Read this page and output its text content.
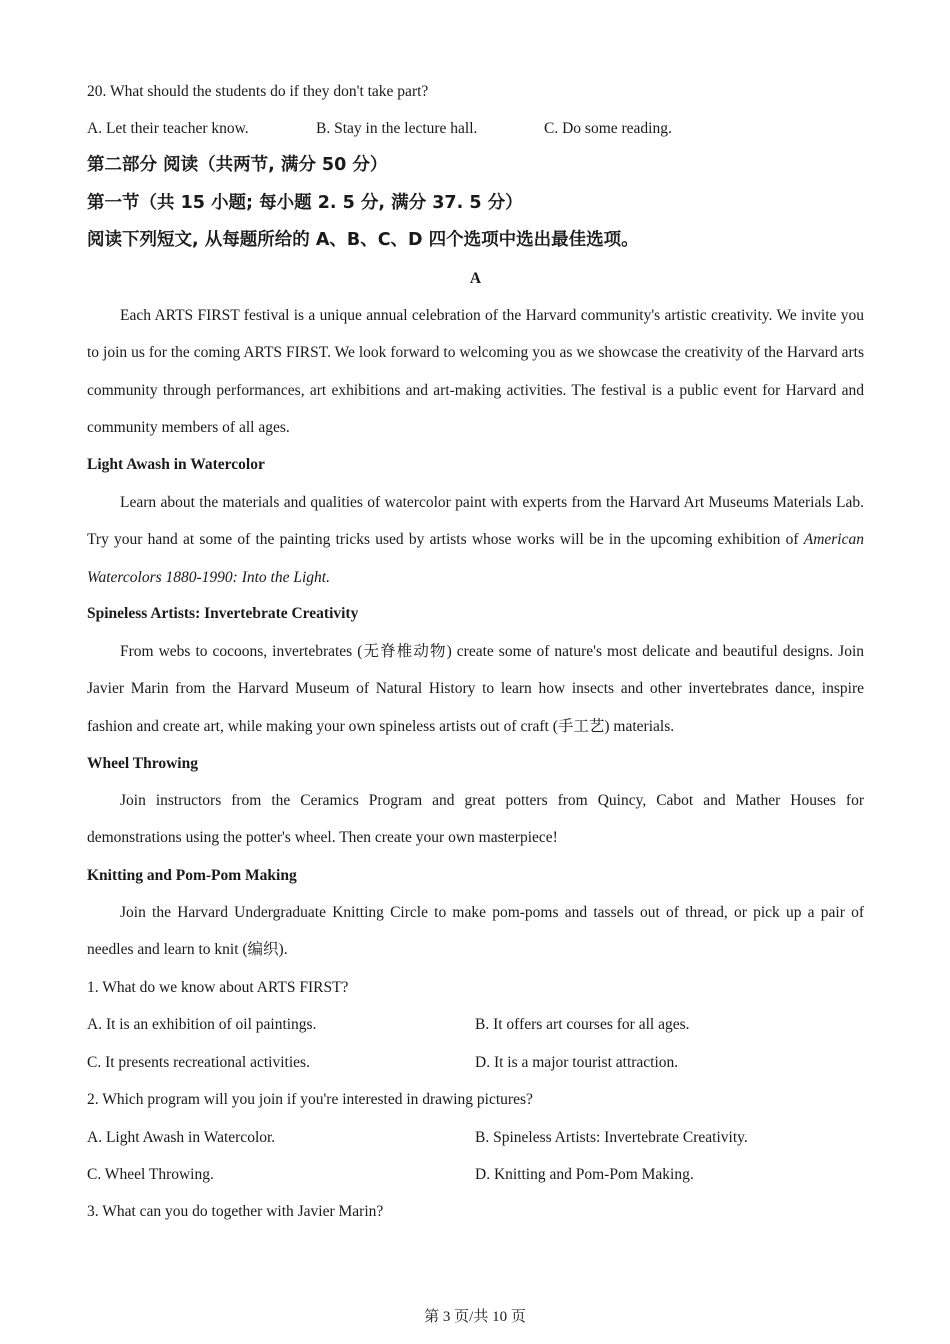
20. What should the students do if they don't take part?
A. Let their teacher know.	B. Stay in the lecture hall.	C. Do some reading.
第二部分 阅读（共两节, 满分 50 分）
第一节（共 15 小题; 每小题 2. 5 分, 满分 37. 5 分）
阅读下列短文, 从每题所给的 A、B、C、D 四个选项中选出最佳选项。
A
Each ARTS FIRST festival is a unique annual celebration of the Harvard community's artistic creativity. We invite you to join us for the coming ARTS FIRST. We look forward to welcoming you as we showcase the creativity of the Harvard arts community through performances, art exhibitions and art-making activities. The festival is a public event for Harvard and community members of all ages.
Light Awash in Watercolor
Learn about the materials and qualities of watercolor paint with experts from the Harvard Art Museums Materials Lab. Try your hand at some of the painting tricks used by artists whose works will be in the upcoming exhibition of American Watercolors 1880-1990: Into the Light.
Spineless Artists: Invertebrate Creativity
From webs to cocoons, invertebrates (无脊椎动物) create some of nature's most delicate and beautiful designs. Join Javier Marin from the Harvard Museum of Natural History to learn how insects and other invertebrates dance, inspire fashion and create art, while making your own spineless artists out of craft (手工艺) materials.
Wheel Throwing
Join instructors from the Ceramics Program and great potters from Quincy, Cabot and Mather Houses for demonstrations using the potter's wheel. Then create your own masterpiece!
Knitting and Pom-Pom Making
Join the Harvard Undergraduate Knitting Circle to make pom-poms and tassels out of thread, or pick up a pair of needles and learn to knit (编织).
1. What do we know about ARTS FIRST?
A. It is an exhibition of oil paintings.	B. It offers art courses for all ages.
C. It presents recreational activities.	D. It is a major tourist attraction.
2. Which program will you join if you're interested in drawing pictures?
A. Light Awash in Watercolor.	B. Spineless Artists: Invertebrate Creativity.
C. Wheel Throwing.	D. Knitting and Pom-Pom Making.
3. What can you do together with Javier Marin?
第 3 页/共 10 页
